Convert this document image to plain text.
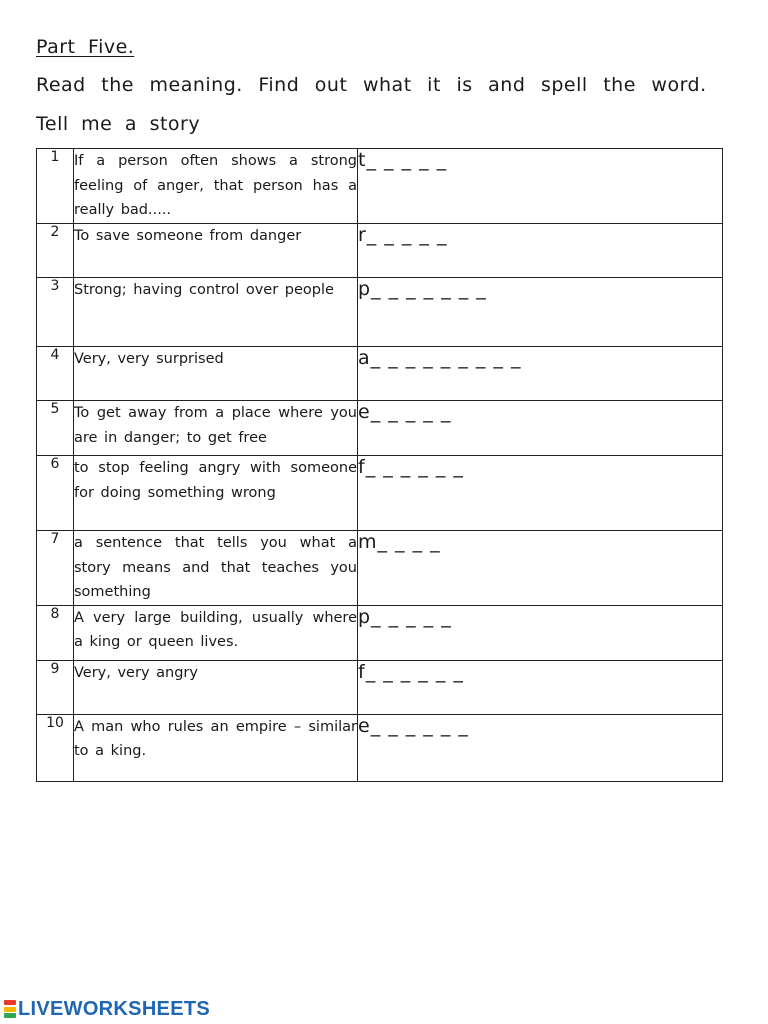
Part Five.
Read the meaning. Find out what it is and spell the word.
Tell me a story
1	If a person often shows a strong feeling of anger, that person has a really bad.....	t_ _ _ _ _
2	To save someone from danger	r_ _ _ _ _
3	Strong; having control over people	p_ _ _ _ _ _ _
4	Very, very surprised	a_ _ _ _ _ _ _ _ _
5	To get away from a place where you are in danger; to get free	e_ _ _ _ _
6	to stop feeling angry with someone for doing something wrong	f_ _ _ _ _ _
7	a sentence that tells you what a story means and that teaches you something	m_ _ _ _
8	A very large building, usually where a king or queen lives.	p_ _ _ _ _
9	Very, very angry	f_ _ _ _ _ _
10	A man who rules an empire – similar to a king.	e_ _ _ _ _ _
LIVEWORKSHEETS
